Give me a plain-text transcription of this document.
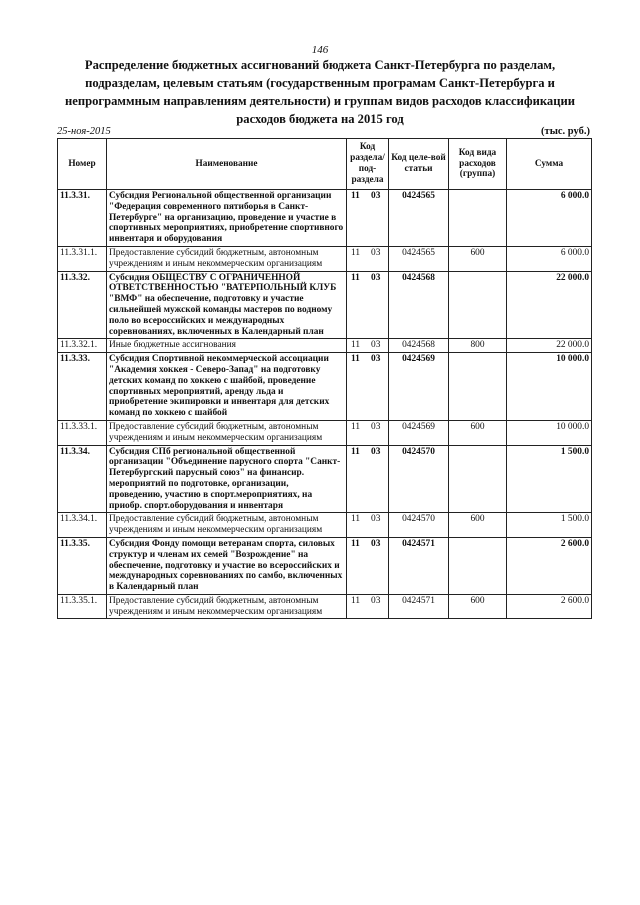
146
Распределение бюджетных ассигнований бюджета Санкт-Петербурга по разделам, подразделам, целевым статьям (государственным програмам Санкт-Петербурга и непрограммным направлениям деятельности) и группам видов расходов классификации расходов бюджета на 2015 год
25-ноя-2015	(тыс. руб.)
Номер	Наименование	Код раздела/ под-раздела	Код целе-вой статьи	Код вида расходов (группа)	Сумма
11.3.31.	Субсидия Региональной общественной организации "Федерация современного пятиборья в Санкт-Петербурге" на организацию, проведение и участие в спортивных мероприятиях, приобретение спортивного инвентаря и оборудования	11 03	0424565		6 000.0
11.3.31.1.	Предоставление субсидий бюджетным, автономным учреждениям и иным некоммерческим организациям	11 03	0424565	600	6 000.0
11.3.32.	Субсидия ОБЩЕСТВУ С ОГРАНИЧЕННОЙ ОТВЕТСТВЕННОСТЬЮ "ВАТЕРПОЛЬНЫЙ КЛУБ "ВМФ" на обеспечение, подготовку и участие сильнейшей мужской команды мастеров по водному поло во всероссийских и международных соревнованиях, включенных в Календарный план	11 03	0424568		22 000.0
11.3.32.1.	Иные бюджетные ассигнования	11 03	0424568	800	22 000.0
11.3.33.	Субсидия Спортивной некоммерческой ассоциации "Академия хоккея - Северо-Запад" на подготовку детских команд по хоккею с шайбой, проведение спортивных мероприятий, аренду льда и приобретение экипировки и инвентаря для детских команд по хоккею с шайбой	11 03	0424569		10 000.0
11.3.33.1.	Предоставление субсидий бюджетным, автономным учреждениям и иным некоммерческим организациям	11 03	0424569	600	10 000.0
11.3.34.	Субсидия СПб региональной общественной организации "Объединение парусного спорта "Санкт-Петербургский парусный союз" на финансир. мероприятий по подготовке, организации, проведению, участию в спорт.мероприятиях, на приобр. спорт.оборудования и инвентаря	11 03	0424570		1 500.0
11.3.34.1.	Предоставление субсидий бюджетным, автономным учреждениям и иным некоммерческим организациям	11 03	0424570	600	1 500.0
11.3.35.	Субсидия Фонду помощи ветеранам спорта, силовых структур и членам их семей "Возрождение" на обеспечение, подготовку и участие во всероссийских и международных соревнованиях по самбо, включенных в Календарный план	11 03	0424571		2 600.0
11.3.35.1.	Предоставление субсидий бюджетным, автономным учреждениям и иным некоммерческим организациям	11 03	0424571	600	2 600.0
